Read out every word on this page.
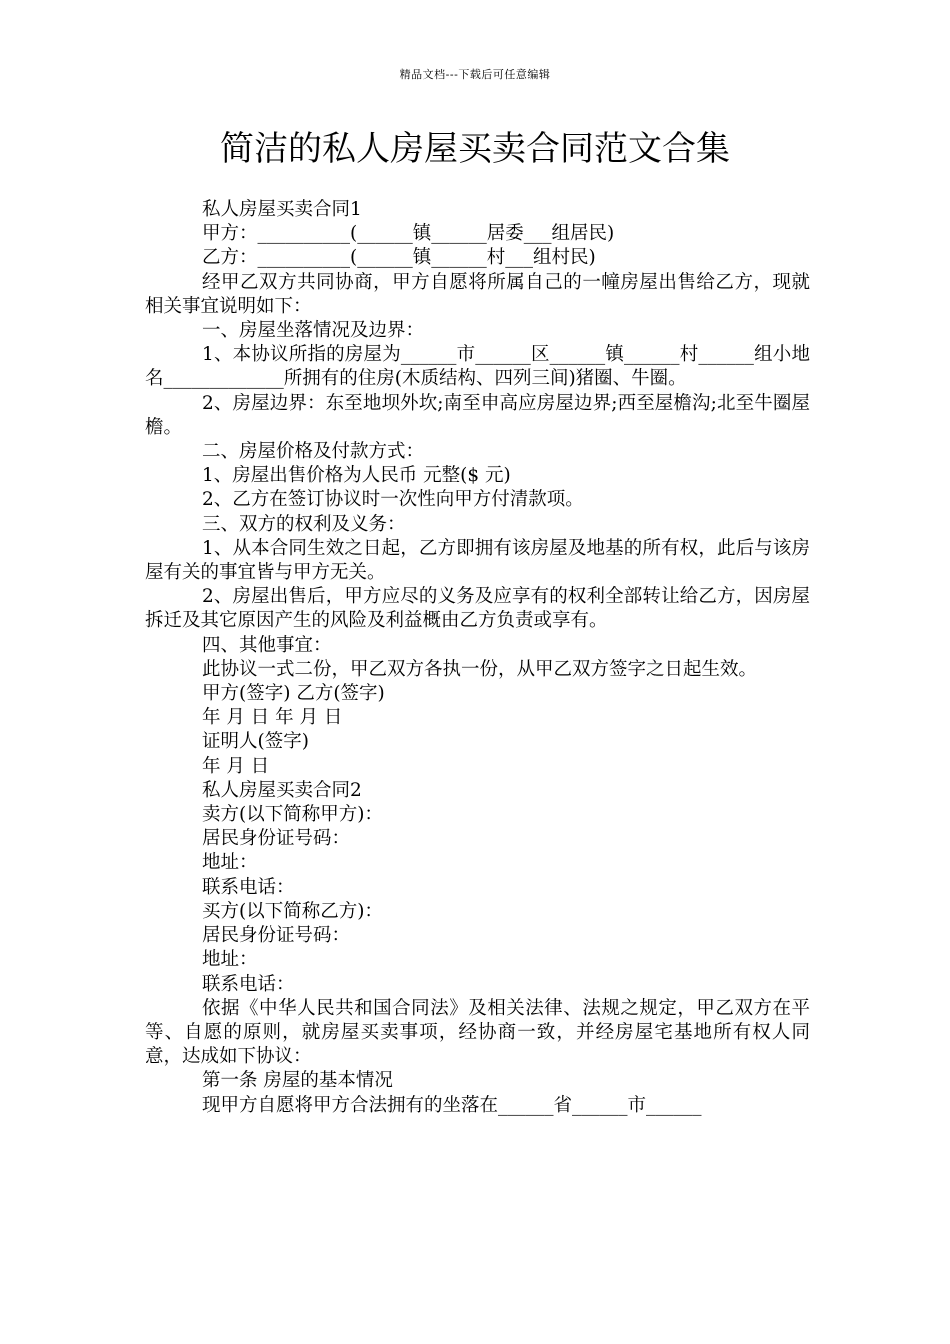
精品文档---下载后可任意编辑
简洁的私人房屋买卖合同范文合集

私人房屋买卖合同1

甲方：__________(______镇______居委___组居民)

乙方：__________(______镇______村___组村民)

经甲乙双方共同协商，甲方自愿将所属自己的一幢房屋出售给乙方，现就相关事宜说明如下：

一、房屋坐落情况及边界：

1、本协议所指的房屋为______市______区______镇______村______组小地名_____________所拥有的住房(木质结构、四列三间)猪圈、牛圈。

2、房屋边界：东至地坝外坎;南至申高应房屋边界;西至屋檐沟;北至牛圈屋檐。

二、房屋价格及付款方式：

1、房屋出售价格为人民币 元整($ 元)

2、乙方在签订协议时一次性向甲方付清款项。

三、双方的权利及义务：

1、从本合同生效之日起，乙方即拥有该房屋及地基的所有权，此后与该房屋有关的事宜皆与甲方无关。

2、房屋出售后，甲方应尽的义务及应享有的权利全部转让给乙方，因房屋拆迁及其它原因产生的风险及利益概由乙方负责或享有。

四、其他事宜：

此协议一式二份，甲乙双方各执一份，从甲乙双方签字之日起生效。

甲方(签字) 乙方(签字)

年 月 日 年 月 日

证明人(签字)

年 月 日

私人房屋买卖合同2

卖方(以下简称甲方)：

居民身份证号码：

地址：

联系电话：

买方(以下简称乙方)：

居民身份证号码：

地址：

联系电话：

依据《中华人民共和国合同法》及相关法律、法规之规定，甲乙双方在平等、自愿的原则，就房屋买卖事项，经协商一致，并经房屋宅基地所有权人同意，达成如下协议：

第一条 房屋的基本情况

现甲方自愿将甲方合法拥有的坐落在______省______市______
